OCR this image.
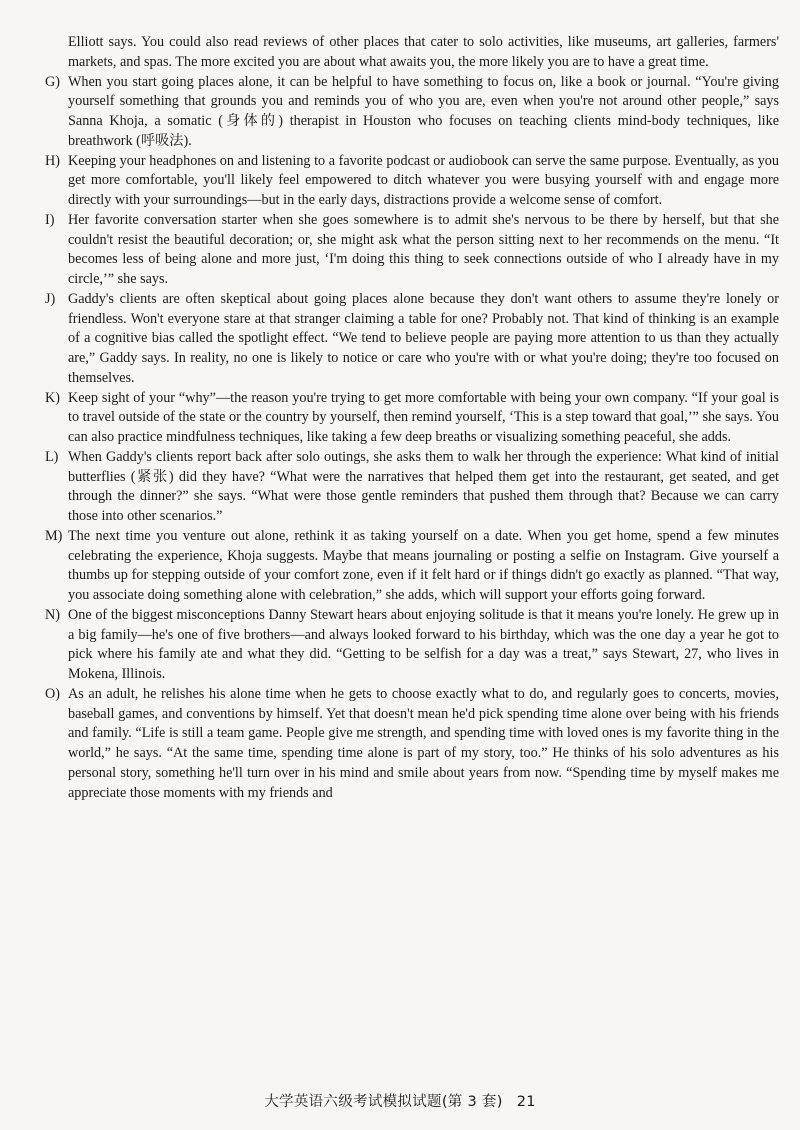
Elliott says. You could also read reviews of other places that cater to solo activities, like museums, art galleries, farmers' markets, and spas. The more excited you are about what awaits you, the more likely you are to have a great time.
G) When you start going places alone, it can be helpful to have something to focus on, like a book or journal. “You're giving yourself something that grounds you and reminds you of who you are, even when you're not around other people,” says Sanna Khoja, a somatic (身体的) therapist in Houston who focuses on teaching clients mind-body techniques, like breathwork (呼吸法).
H) Keeping your headphones on and listening to a favorite podcast or audiobook can serve the same purpose. Eventually, as you get more comfortable, you'll likely feel empowered to ditch whatever you were busying yourself with and engage more directly with your surroundings—but in the early days, distractions provide a welcome sense of comfort.
I) Her favorite conversation starter when she goes somewhere is to admit she's nervous to be there by herself, but that she couldn't resist the beautiful decoration; or, she might ask what the person sitting next to her recommends on the menu. “It becomes less of being alone and more just, ‘I'm doing this thing to seek connections outside of who I already have in my circle,’” she says.
J) Gaddy's clients are often skeptical about going places alone because they don't want others to assume they're lonely or friendless. Won't everyone stare at that stranger claiming a table for one? Probably not. That kind of thinking is an example of a cognitive bias called the spotlight effect. “We tend to believe people are paying more attention to us than they actually are,” Gaddy says. In reality, no one is likely to notice or care who you're with or what you're doing; they're too focused on themselves.
K) Keep sight of your “why”—the reason you're trying to get more comfortable with being your own company. “If your goal is to travel outside of the state or the country by yourself, then remind yourself, ‘This is a step toward that goal,’” she says. You can also practice mindfulness techniques, like taking a few deep breaths or visualizing something peaceful, she adds.
L) When Gaddy's clients report back after solo outings, she asks them to walk her through the experience: What kind of initial butterflies (紧张) did they have? “What were the narratives that helped them get into the restaurant, get seated, and get through the dinner?” she says. “What were those gentle reminders that pushed them through that? Because we can carry those into other scenarios.”
M) The next time you venture out alone, rethink it as taking yourself on a date. When you get home, spend a few minutes celebrating the experience, Khoja suggests. Maybe that means journaling or posting a selfie on Instagram. Give yourself a thumbs up for stepping outside of your comfort zone, even if it felt hard or if things didn't go exactly as planned. “That way, you associate doing something alone with celebration,” she adds, which will support your efforts going forward.
N) One of the biggest misconceptions Danny Stewart hears about enjoying solitude is that it means you're lonely. He grew up in a big family—he's one of five brothers—and always looked forward to his birthday, which was the one day a year he got to pick where his family ate and what they did. “Getting to be selfish for a day was a treat,” says Stewart, 27, who lives in Mokena, Illinois.
O) As an adult, he relishes his alone time when he gets to choose exactly what to do, and regularly goes to concerts, movies, baseball games, and conventions by himself. Yet that doesn't mean he'd pick spending time alone over being with his friends and family. “Life is still a team game. People give me strength, and spending time with loved ones is my favorite thing in the world,” he says. “At the same time, spending time alone is part of my story, too.” He thinks of his solo adventures as his personal story, something he'll turn over in his mind and smile about years from now. “Spending time by myself makes me appreciate those moments with my friends and
大学英语六级考试模拟试题(第 3 套) 21
